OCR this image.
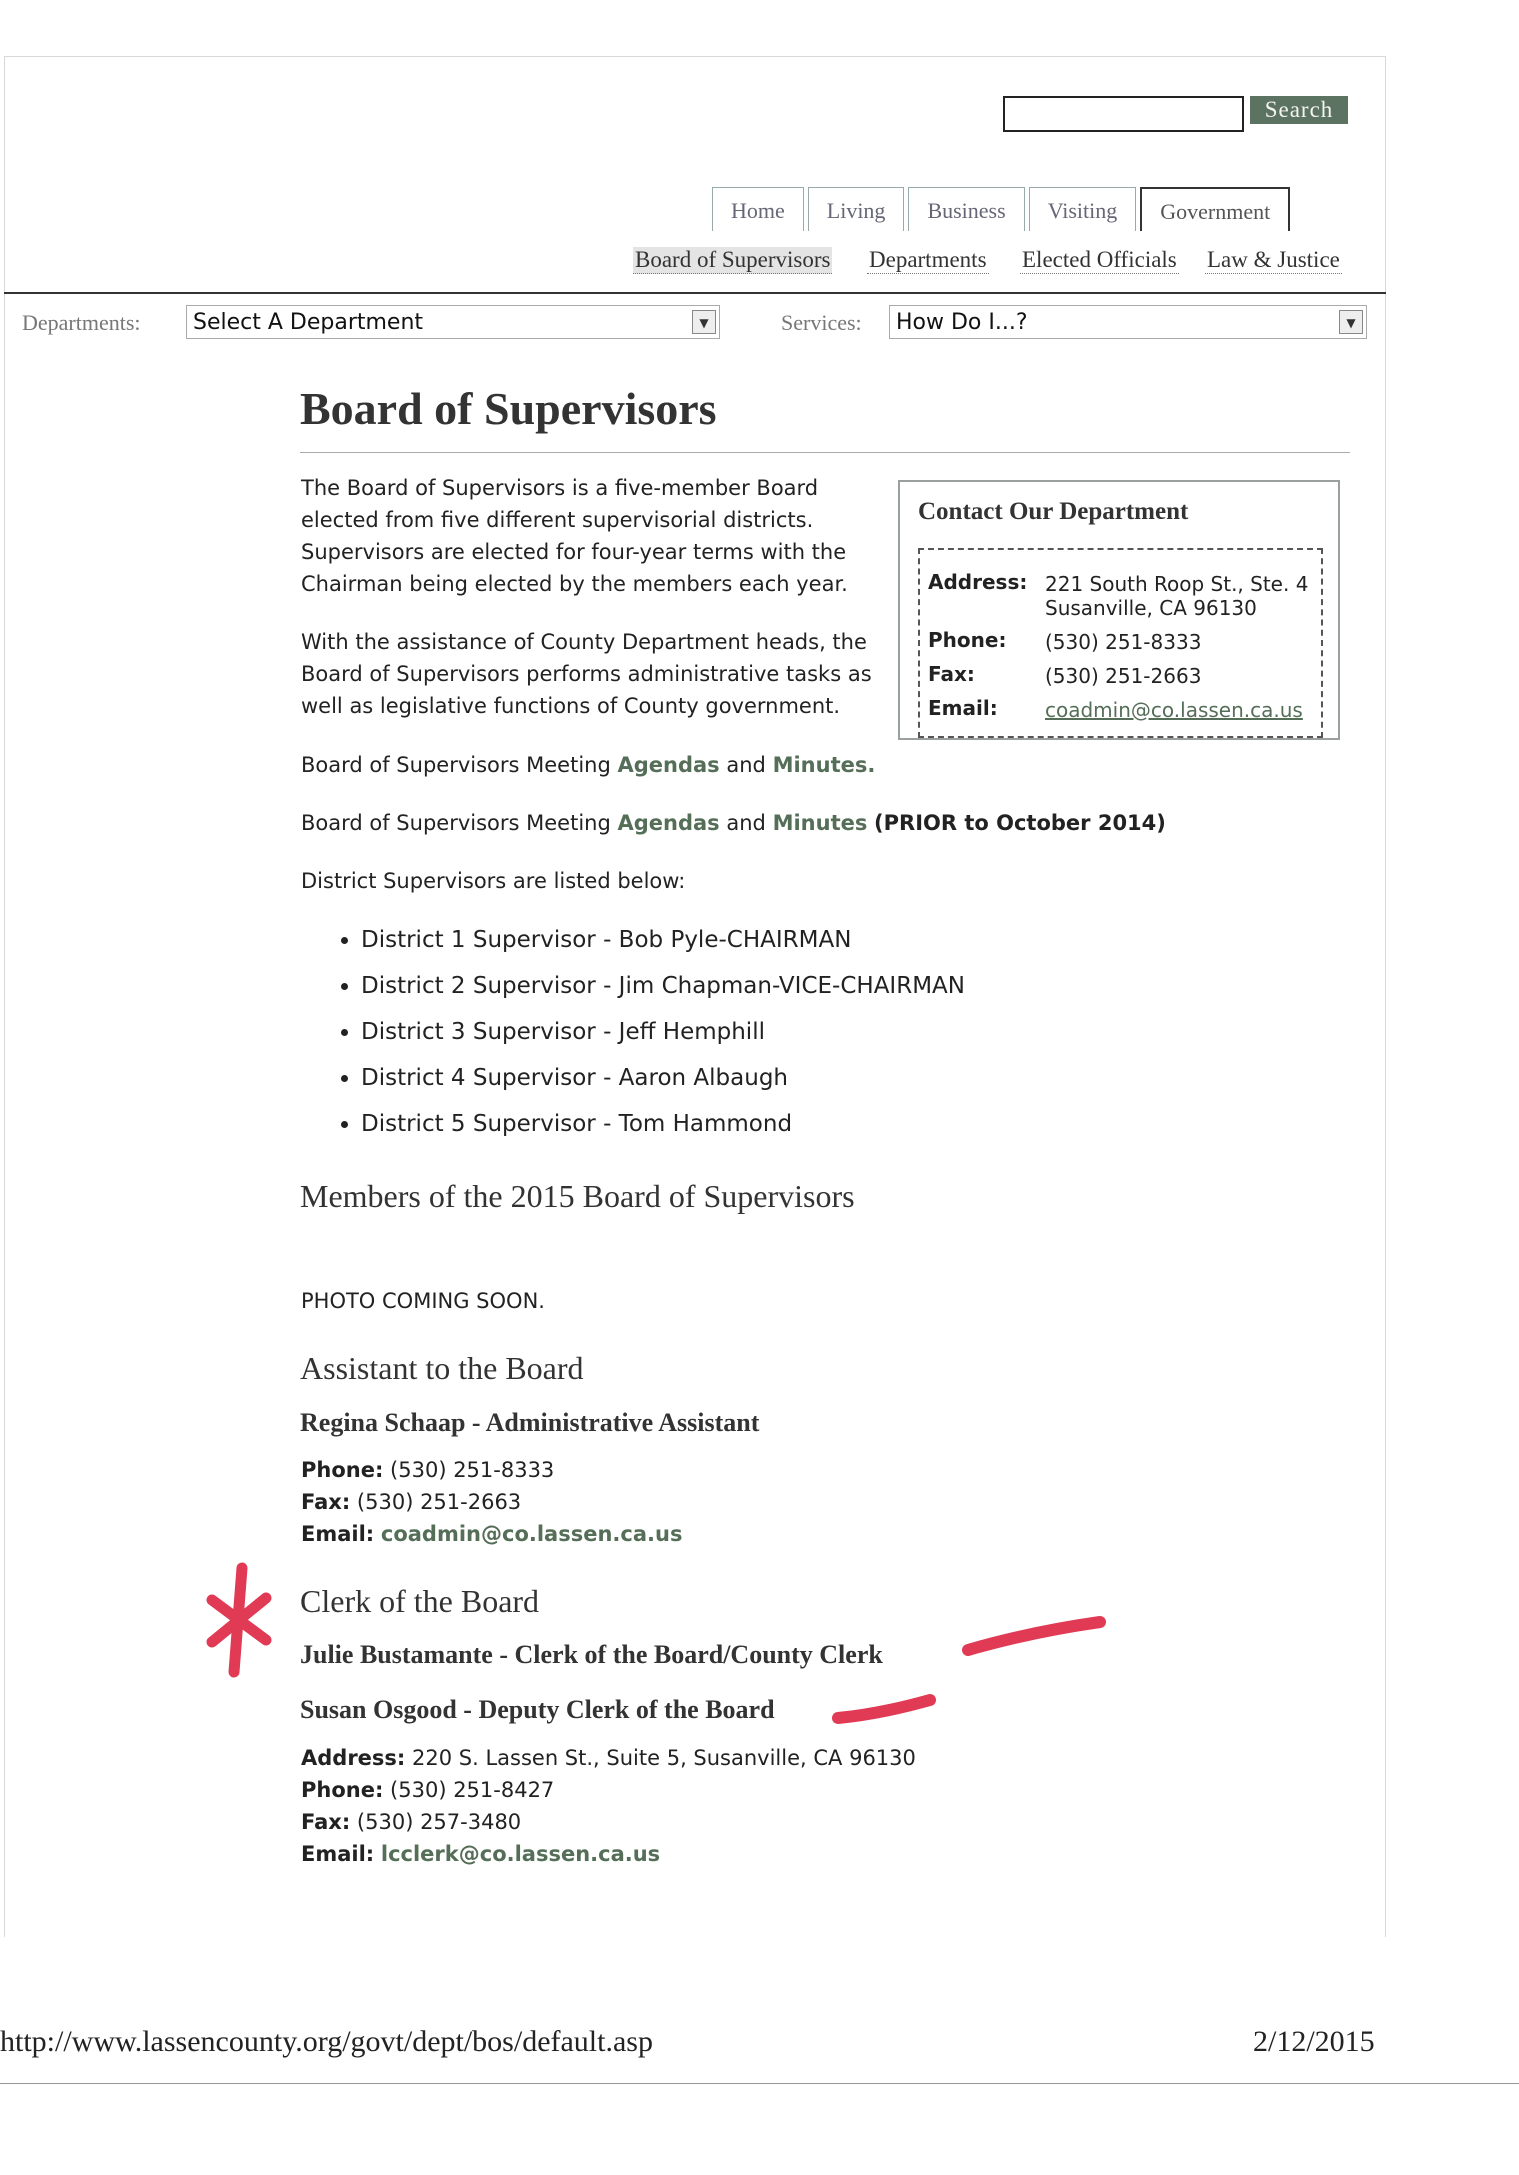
Search
Home	Living	Business	Visiting	Government
Board of Supervisors Departments Elected Officials Law & Justice
Departments:	Select A Department	▼	Services:	How Do I...?	▼
Board of Supervisors
The Board of Supervisors is a five-member Board
elected from five different supervisorial districts.
Supervisors are elected for four-year terms with the
Chairman being elected by the members each year.
With the assistance of County Department heads, the
Board of Supervisors performs administrative tasks as
well as legislative functions of County government.
Contact Our Department
Address: 221 South Roop St., Ste. 4
Susanville, CA 96130
Phone: (530) 251-8333
Fax:	(530) 251-2663
Email: coadmin@co.lassen.ca.us
Board of Supervisors Meeting Agendas and Minutes.
Board of Supervisors Meeting Agendas and Minutes (PRIOR to October 2014)
District Supervisors are listed below:
• District 1 Supervisor - Bob Pyle-CHAIRMAN
• District 2 Supervisor - Jim Chapman-VICE-CHAIRMAN
• District 3 Supervisor - Jeff Hemphill
• District 4 Supervisor - Aaron Albaugh
• District 5 Supervisor - Tom Hammond
Members of the 2015 Board of Supervisors
PHOTO COMING SOON.
Assistant to the Board
Regina Schaap - Administrative Assistant
Phone: (530) 251-8333
Fax: (530) 251-2663
Email: coadmin@co.lassen.ca.us
Clerk of the Board
Julie Bustamante - Clerk of the Board/County Clerk
Susan Osgood - Deputy Clerk of the Board
Address: 220 S. Lassen St., Suite 5, Susanville, CA 96130
Phone: (530) 251-8427
Fax: (530) 257-3480
Email: lcclerk@co.lassen.ca.us
http://www.lassencounty.org/govt/dept/bos/default.asp	2/12/2015
